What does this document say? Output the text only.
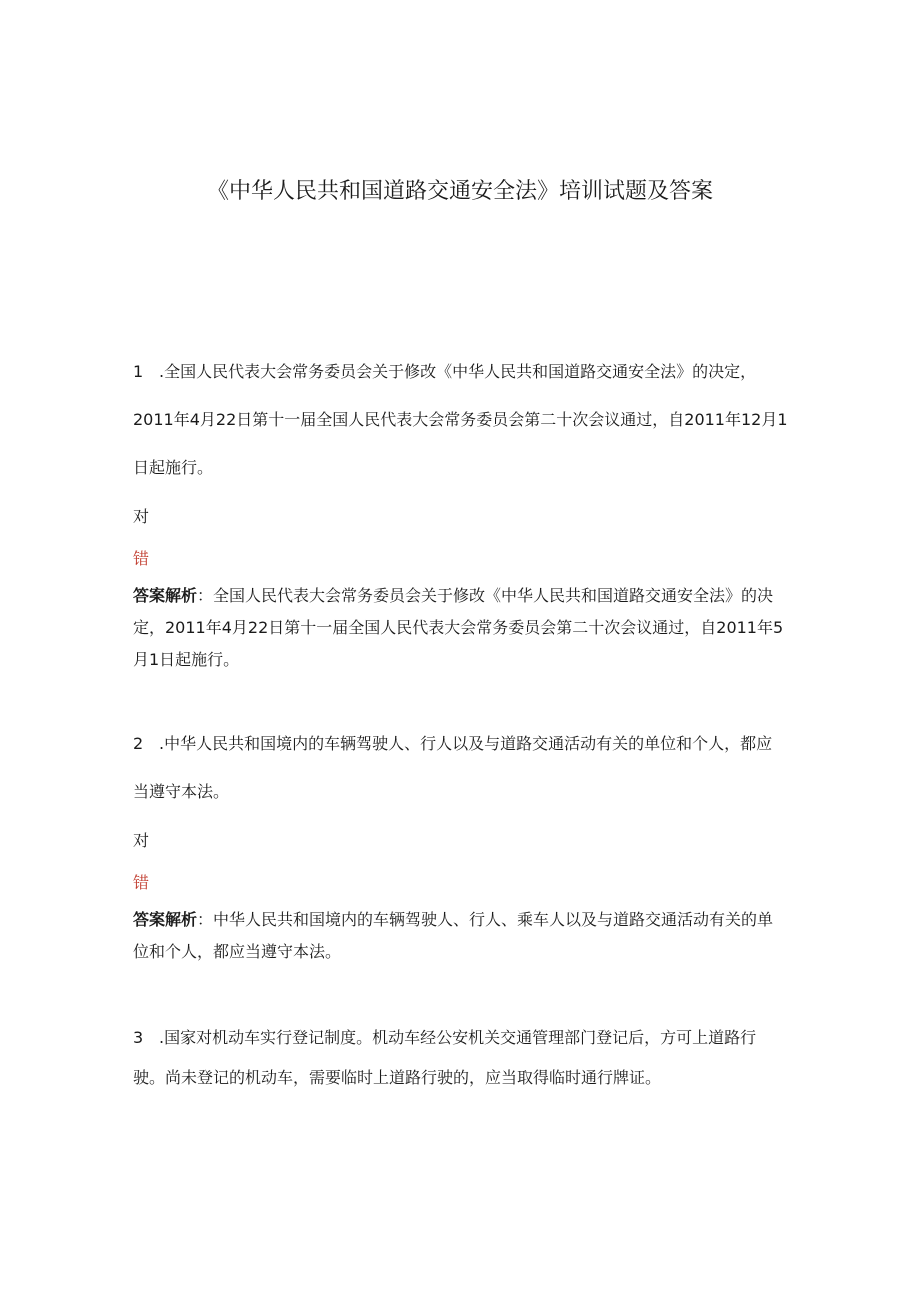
《中华人民共和国道路交通安全法》培训试题及答案

1 .全国人民代表大会常务委员会关于修改《中华人民共和国道路交通安全法》的决定，2011年4月22日第十一届全国人民代表大会常务委员会第二十次会议通过，自2011年12月1日起施行。

对

错

答案解析：全国人民代表大会常务委员会关于修改《中华人民共和国道路交通安全法》的决定，2011年4月22日第十一届全国人民代表大会常务委员会第二十次会议通过，自2011年5月1日起施行。

2 .中华人民共和国境内的车辆驾驶人、行人以及与道路交通活动有关的单位和个人，都应当遵守本法。

对

错

答案解析：中华人民共和国境内的车辆驾驶人、行人、乘车人以及与道路交通活动有关的单位和个人，都应当遵守本法。

3 .国家对机动车实行登记制度。机动车经公安机关交通管理部门登记后，方可上道路行驶。尚未登记的机动车，需要临时上道路行驶的，应当取得临时通行牌证。
